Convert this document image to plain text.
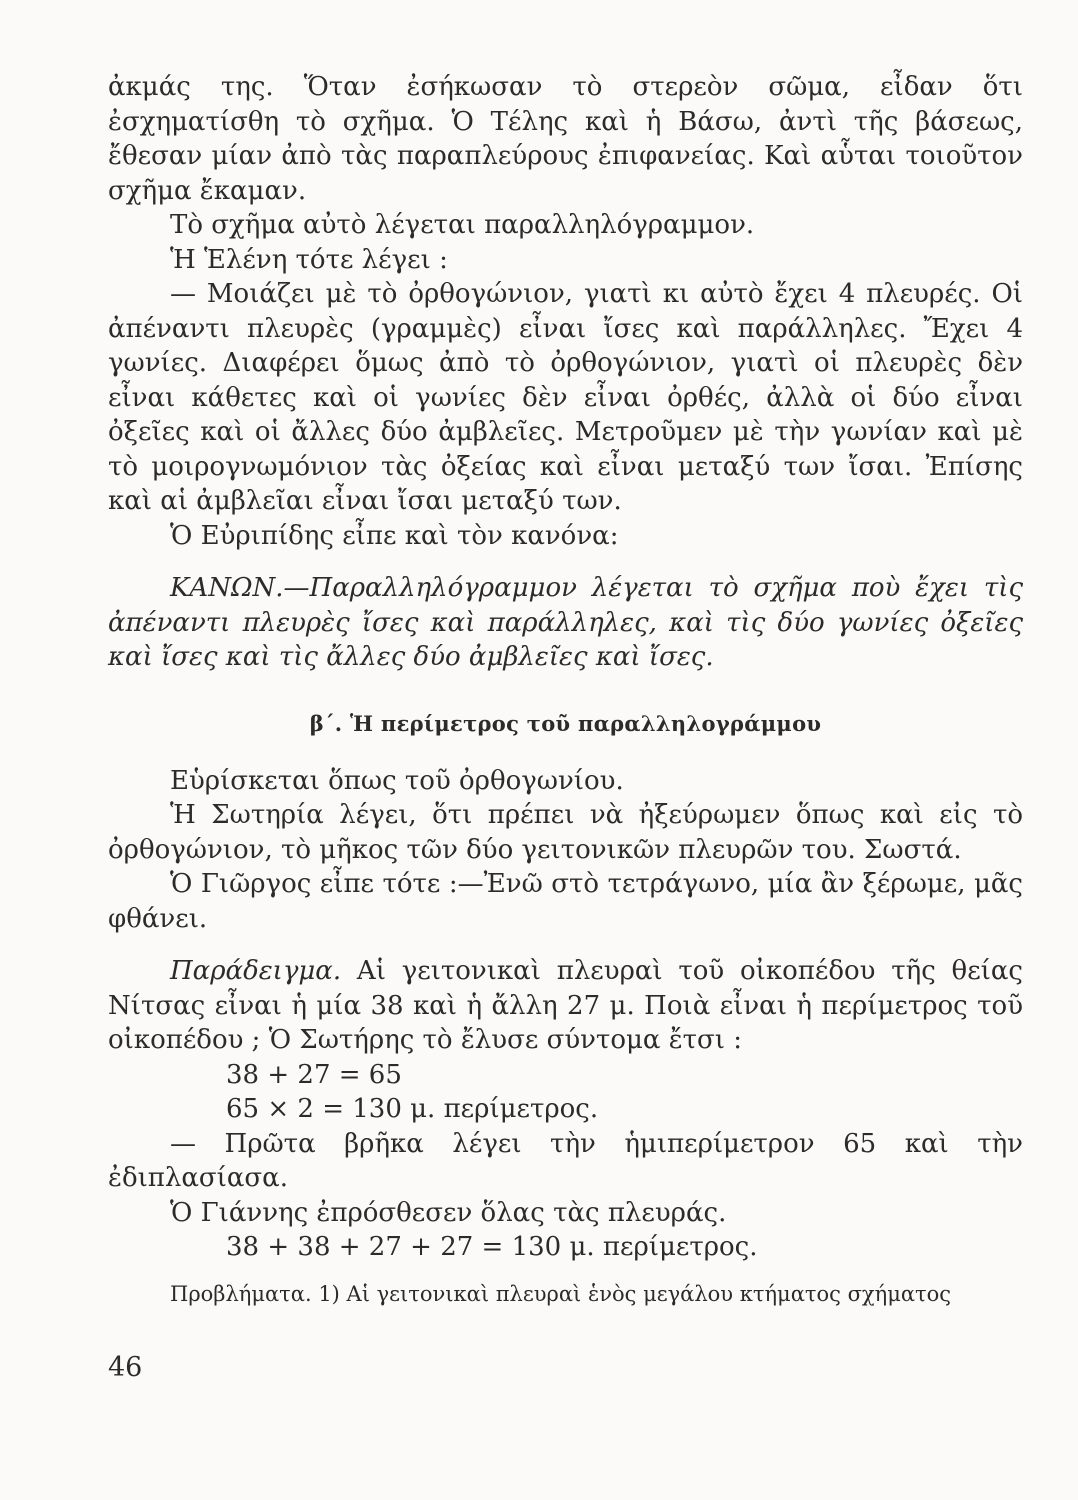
ἀκμάς της. Ὅταν ἐσήκωσαν τὸ στερεὸν σῶμα, εἶδαν ὅτι ἐσχηματίσθη τὸ σχῆμα. Ὁ Τέλης καὶ ἡ Βάσω, ἀντὶ τῆς βάσεως, ἔθεσαν μίαν ἀπὸ τὰς παραπλεύρους ἐπιφανείας. Καὶ αὗται τοιοῦτον σχῆμα ἔκαμαν.

Τὸ σχῆμα αὐτὸ λέγεται παραλληλόγραμμον.

Ἡ Ἑλένη τότε λέγει :

— Μοιάζει μὲ τὸ ὀρθογώνιον, γιατὶ κι αὐτὸ ἔχει 4 πλευρές. Οἱ ἀπέναντι πλευρὲς (γραμμὲς) εἶναι ἴσες καὶ παράλληλες. Ἔχει 4 γωνίες. Διαφέρει ὅμως ἀπὸ τὸ ὀρθογώνιον, γιατὶ οἱ πλευρὲς δὲν εἶναι κάθετες καὶ οἱ γωνίες δὲν εἶναι ὀρθές, ἀλλὰ οἱ δύο εἶναι ὀξεῖες καὶ οἱ ἄλλες δύο ἀμβλεῖες. Μετροῦμεν μὲ τὴν γωνίαν καὶ μὲ τὸ μοιρογνωμόνιον τὰς ὀξείας καὶ εἶναι μεταξύ των ἴσαι. Ἐπίσης καὶ αἱ ἀμβλεῖαι εἶναι ἴσαι μεταξύ των.

Ὁ Εὐριπίδης εἶπε καὶ τὸν κανόνα:

ΚΑΝΩΝ.—Παραλληλόγραμμον λέγεται τὸ σχῆμα ποὺ ἔχει τὶς ἀπέναντι πλευρὲς ἴσες καὶ παράλληλες, καὶ τὶς δύο γωνίες ὀξεῖες καὶ ἴσες καὶ τὶς ἄλλες δύο ἀμβλεῖες καὶ ἴσες.

β΄. Ἡ περίμετρος τοῦ παραλληλογράμμου

Εὑρίσκεται ὅπως τοῦ ὀρθογωνίου.

Ἡ Σωτηρία λέγει, ὅτι πρέπει νὰ ἠξεύρωμεν ὅπως καὶ εἰς τὸ ὀρθογώνιον, τὸ μῆκος τῶν δύο γειτονικῶν πλευρῶν του. Σωστά.

Ὁ Γιῶργος εἶπε τότε :—Ἐνῶ στὸ τετράγωνο, μία ἂν ξέρωμε, μᾶς φθάνει.

Παράδειγμα. Αἱ γειτονικαὶ πλευραὶ τοῦ οἰκοπέδου τῆς θείας Νίτσας εἶναι ἡ μία 38 καὶ ἡ ἄλλη 27 μ. Ποιὰ εἶναι ἡ περίμετρος τοῦ οἰκοπέδου ; Ὁ Σωτήρης τὸ ἔλυσε σύντομα ἔτσι :

38 + 27 = 65

65 × 2 = 130 μ. περίμετρος.

— Πρῶτα βρῆκα λέγει τὴν ἡμιπερίμετρον 65 καὶ τὴν ἐδιπλασίασα.

Ὁ Γιάννης ἐπρόσθεσεν ὅλας τὰς πλευράς.

38 + 38 + 27 + 27 = 130 μ. περίμετρος.

Προβλήματα. 1) Αἱ γειτονικαὶ πλευραὶ ἑνὸς μεγάλου κτήματος σχήματος

46
